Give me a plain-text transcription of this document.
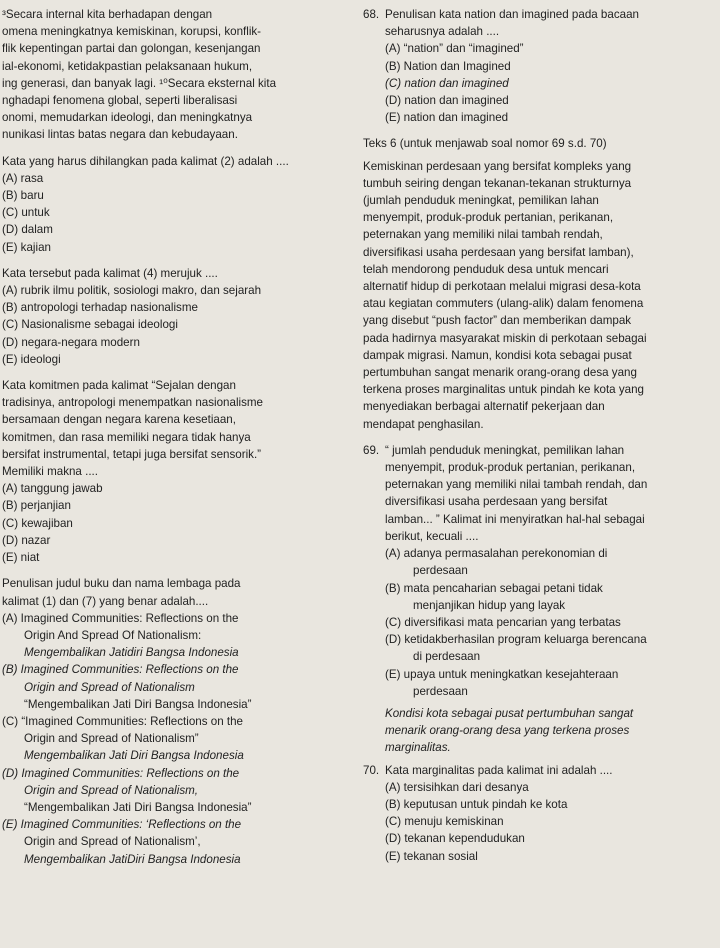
³Secara internal kita berhadapan dengan

omena meningkatnya kemiskinan, korupsi, konflik-

flik kepentingan partai dan golongan, kesenjangan

ial-ekonomi, ketidakpastian pelaksanaan hukum,

ing generasi, dan banyak lagi. ¹⁰Secara eksternal kita

nghadapi fenomena global, seperti liberalisasi

onomi, memudarkan ideologi, dan meningkatnya

nunikasi lintas batas negara dan kebudayaan.

Kata yang harus dihilangkan pada kalimat (2) adalah ....

(A) rasa

(B) baru

(C) untuk

(D) dalam

(E) kajian

Kata tersebut pada kalimat (4) merujuk ....

(A) rubrik ilmu politik, sosiologi makro, dan sejarah

(B) antropologi terhadap nasionalisme

(C) Nasionalisme sebagai ideologi

(D) negara-negara modern

(E) ideologi

Kata komitmen pada kalimat “Sejalan dengan

tradisinya, antropologi menempatkan nasionalisme

bersamaan dengan negara karena kesetiaan,

komitmen, dan rasa memiliki negara tidak hanya

bersifat instrumental, tetapi juga bersifat sensorik.”

Memiliki makna ....

(A) tanggung jawab

(B) perjanjian

(C) kewajiban

(D) nazar

(E) niat

Penulisan judul buku dan nama lembaga pada

kalimat (1) dan (7) yang benar adalah....

(A) Imagined Communities: Reflections on the

Origin And Spread Of Nationalism:

Mengembalikan Jatidiri Bangsa Indonesia

(B) Imagined Communities: Reflections on the

Origin and Spread of Nationalism

“Mengembalikan Jati Diri Bangsa Indonesia”

(C) “Imagined Communities: Reflections on the

Origin and Spread of Nationalism”

Mengembalikan Jati Diri Bangsa Indonesia

(D) Imagined Communities: Reflections on the

Origin and Spread of Nationalism,

“Mengembalikan Jati Diri Bangsa Indonesia”

(E) Imagined Communities: ‘Reflections on the

Origin and Spread of Nationalism’,

Mengembalikan JatiDiri Bangsa Indonesia

68. Penulisan kata nation dan imagined pada bacaan

seharusnya adalah ....

(A) “nation” dan “imagined”

(B) Nation dan Imagined

(C) nation dan imagined

(D) nation dan imagined

(E) nation dan imagined

Teks 6 (untuk menjawab soal nomor 69 s.d. 70)

Kemiskinan perdesaan yang bersifat kompleks yang

tumbuh seiring dengan tekanan-tekanan strukturnya

(jumlah penduduk meningkat, pemilikan lahan

menyempit, produk-produk pertanian, perikanan,

peternakan yang memiliki nilai tambah rendah,

diversifikasi usaha perdesaan yang bersifat lamban),

telah mendorong penduduk desa untuk mencari

alternatif hidup di perkotaan melalui migrasi desa-kota

atau kegiatan commuters (ulang-alik) dalam fenomena

yang disebut “push factor” dan memberikan dampak

pada hadirnya masyarakat miskin di perkotaan sebagai

dampak migrasi. Namun, kondisi kota sebagai pusat

pertumbuhan sangat menarik orang-orang desa yang

terkena proses marginalitas untuk pindah ke kota yang

menyediakan berbagai alternatif pekerjaan dan

mendapat penghasilan.

69. “ jumlah penduduk meningkat, pemilikan lahan

menyempit, produk-produk pertanian, perikanan,

peternakan yang memiliki nilai tambah rendah, dan

diversifikasi usaha perdesaan yang bersifat

lamban... ” Kalimat ini menyiratkan hal-hal sebagai

berikut, kecuali ....

(A) adanya permasalahan perekonomian di

perdesaan

(B) mata pencaharian sebagai petani tidak

menjanjikan hidup yang layak

(C) diversifikasi mata pencarian yang terbatas

(D) ketidakberhasilan program keluarga berencana

di perdesaan

(E) upaya untuk meningkatkan kesejahteraan

perdesaan

Kondisi kota sebagai pusat pertumbuhan sangat

menarik orang-orang desa yang terkena proses

marginalitas.

70. Kata marginalitas pada kalimat ini adalah ....

(A) tersisihkan dari desanya

(B) keputusan untuk pindah ke kota

(C) menuju kemiskinan

(D) tekanan kependudukan

(E) tekanan sosial
